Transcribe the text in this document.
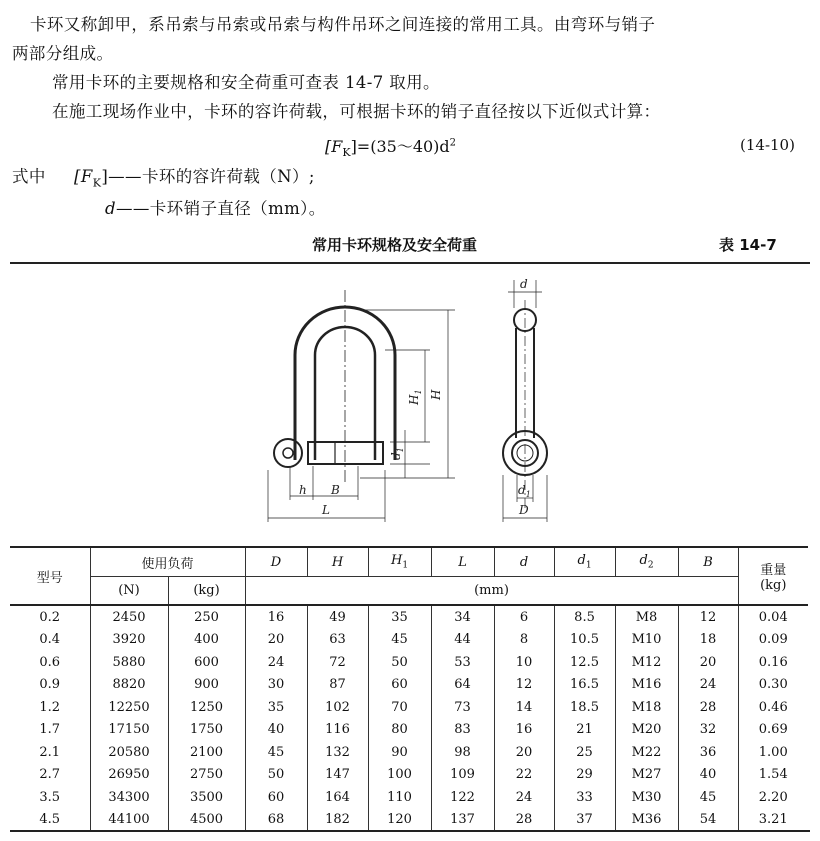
卡环又称卸甲，系吊索与吊索或吊索与构件吊环之间连接的常用工具。由弯环与销子
两部分组成。
常用卡环的主要规格和安全荷重可查表 14-7 取用。
在施工现场作业中，卡环的容许荷载，可根据卡环的销子直径按以下近似式计算：
$[F_K]=(35\sim 40)d^2$	(14-10)
式中 $[F_K]——$卡环的容许荷载（N）;
d——卡环销子直径（mm）。
常用卡环规格及安全荷重	表 14-7
h B
L
H
$H_1$
$d_1$
d
$d_1$
D
型号	使用负荷		D	H	$H_1$	L	d	$d_1$	$d_2$	B	重量
(kg)

	(N)	(kg)	(mm)								
0.2	2450	250	16	49	35	34	6	8.5	M8	12	0.04
0.4	3920	400	20	63	45	44	8	10.5	M10	18	0.09
0.6	5880	600	24	72	50	53	10	12.5	M12	20	0.16
0.9	8820	900	30	87	60	64	12	16.5	M16	24	0.30
1.2	12250	1250	35	102	70	73	14	18.5	M18	28	0.46
1.7	17150	1750	40	116	80	83	16	21	M20	32	0.69
2.1	20580	2100	45	132	90	98	20	25	M22	36	1.00
2.7	26950	2750	50	147	100	109	22	29	M27	40	1.54
3.5	34300	3500	60	164	110	122	24	33	M30	45	2.20
4.5	44100	4500	68	182	120	137	28	37	M36	54	3.21
